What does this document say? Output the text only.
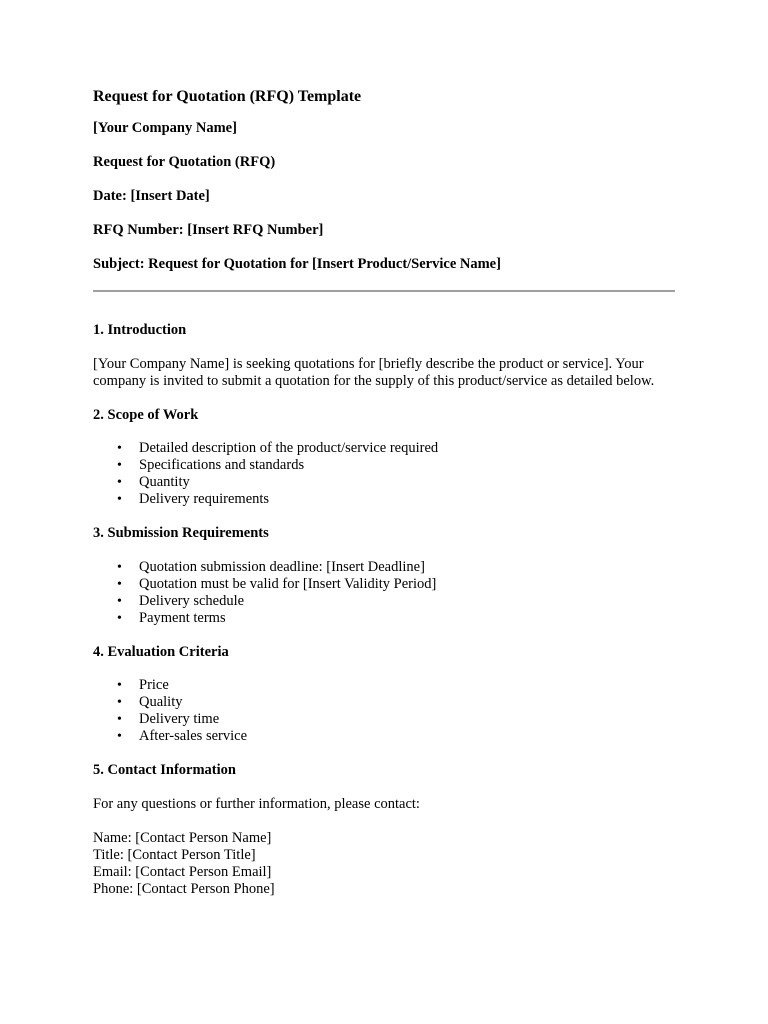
Request for Quotation (RFQ) Template
[Your Company Name]
Request for Quotation (RFQ)
Date: [Insert Date]
RFQ Number: [Insert RFQ Number]
Subject: Request for Quotation for [Insert Product/Service Name]
1. Introduction
[Your Company Name] is seeking quotations for [briefly describe the product or service]. Your company is invited to submit a quotation for the supply of this product/service as detailed below.
2. Scope of Work
• Detailed description of the product/service required
• Specifications and standards
• Quantity
• Delivery requirements
3. Submission Requirements
• Quotation submission deadline: [Insert Deadline]
• Quotation must be valid for [Insert Validity Period]
• Delivery schedule
• Payment terms
4. Evaluation Criteria
• Price
• Quality
• Delivery time
• After-sales service
5. Contact Information
For any questions or further information, please contact:
Name: [Contact Person Name]
Title: [Contact Person Title]
Email: [Contact Person Email]
Phone: [Contact Person Phone]
